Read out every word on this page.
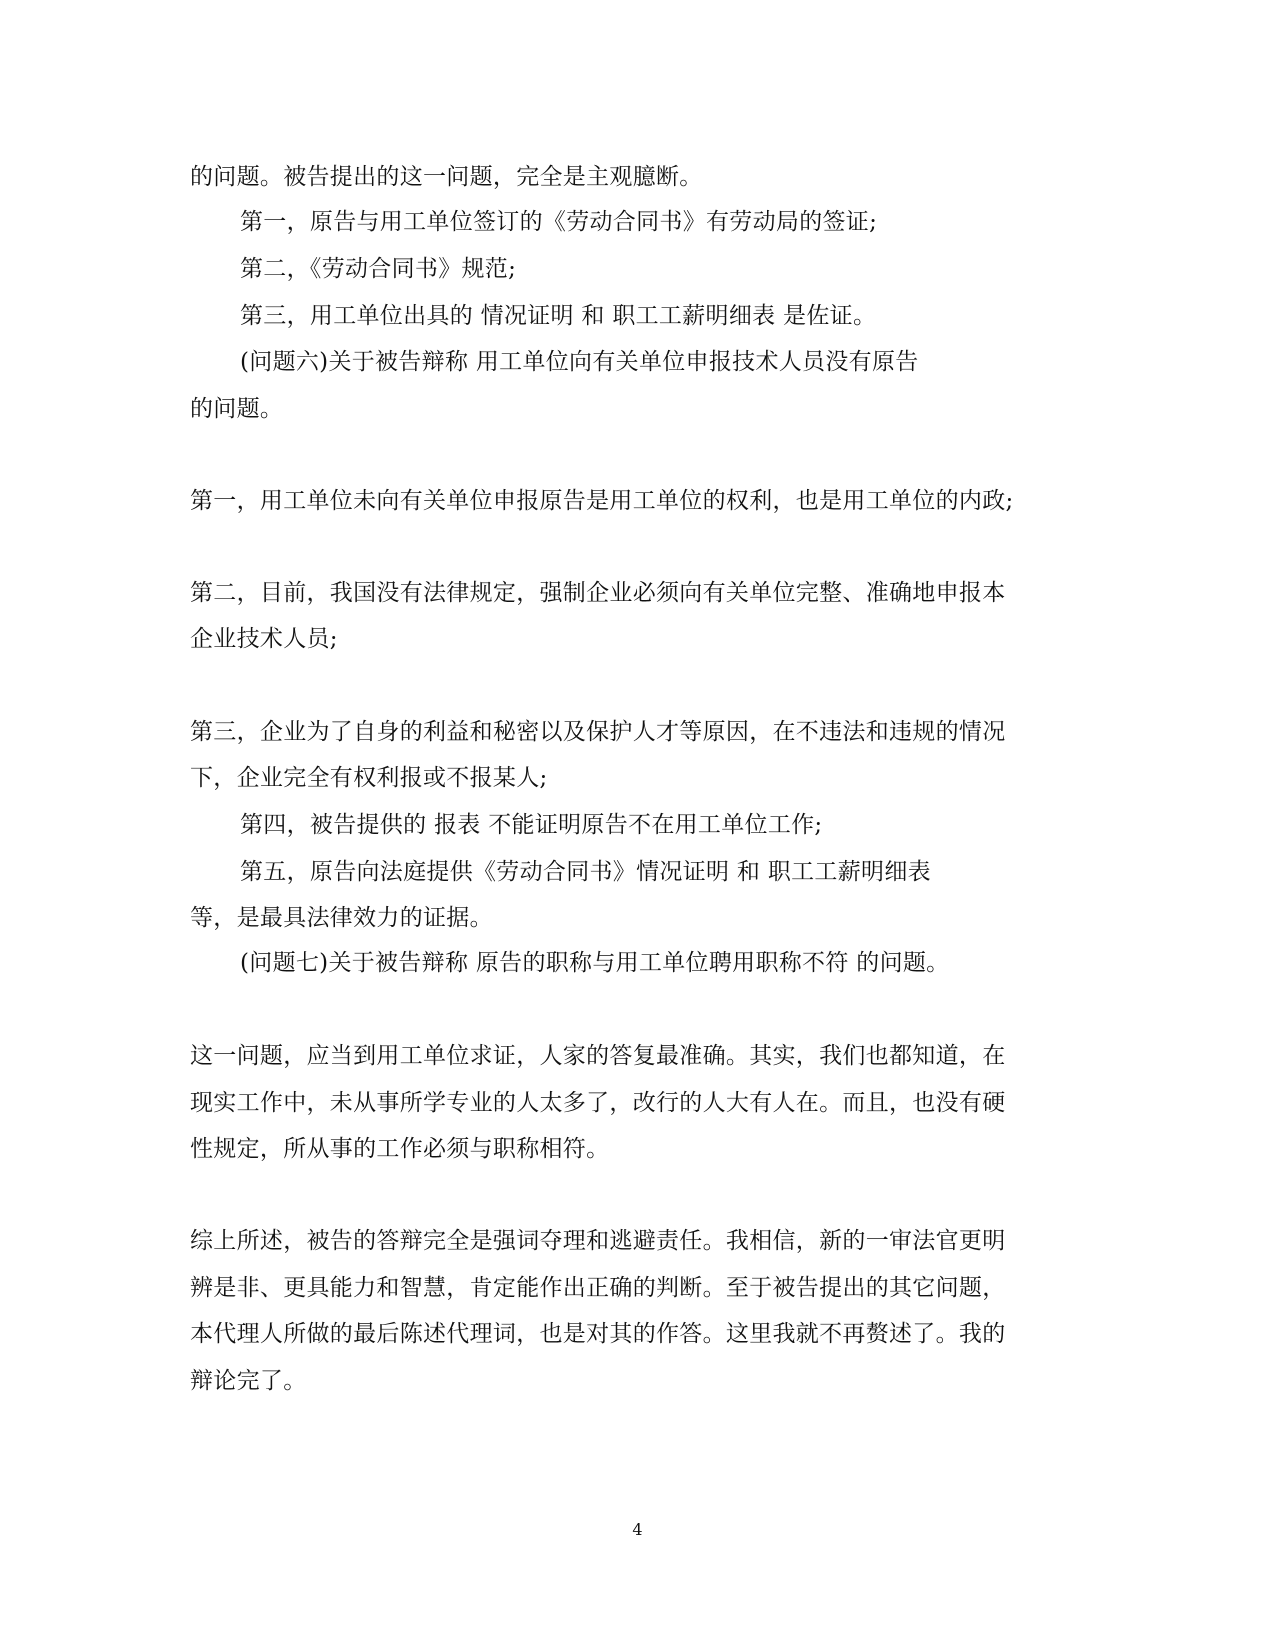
的问题。被告提出的这一问题，完全是主观臆断。
第一，原告与用工单位签订的《劳动合同书》有劳动局的签证;
第二，《劳动合同书》规范;
第三，用工单位出具的 情况证明 和 职工工薪明细表 是佐证。
(问题六)关于被告辩称 用工单位向有关单位申报技术人员没有原告
的问题。
第一，用工单位未向有关单位申报原告是用工单位的权利，也是用工单位的内政;
第二，目前，我国没有法律规定，强制企业必须向有关单位完整、准确地申报本
企业技术人员;
第三，企业为了自身的利益和秘密以及保护人才等原因，在不违法和违规的情况
下，企业完全有权利报或不报某人;
第四，被告提供的 报表 不能证明原告不在用工单位工作;
第五，原告向法庭提供《劳动合同书》情况证明 和 职工工薪明细表
等，是最具法律效力的证据。
(问题七)关于被告辩称 原告的职称与用工单位聘用职称不符 的问题。
这一问题，应当到用工单位求证，人家的答复最准确。其实，我们也都知道，在
现实工作中，未从事所学专业的人太多了，改行的人大有人在。而且，也没有硬
性规定，所从事的工作必须与职称相符。
综上所述，被告的答辩完全是强词夺理和逃避责任。我相信，新的一审法官更明
辨是非、更具能力和智慧，肯定能作出正确的判断。至于被告提出的其它问题，
本代理人所做的最后陈述代理词，也是对其的作答。这里我就不再赘述了。我的
辩论完了。
4
